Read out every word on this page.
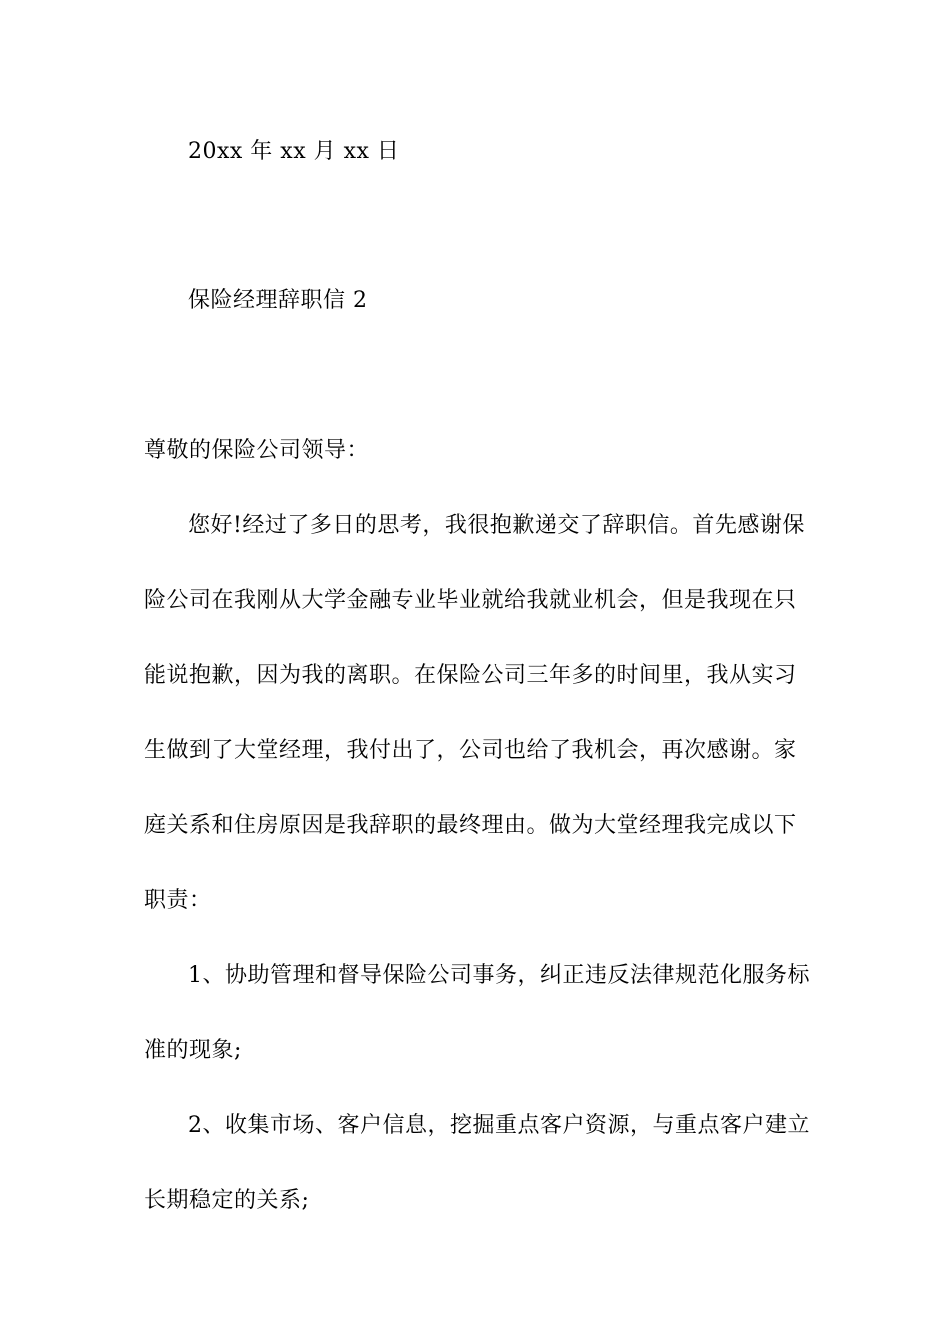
20xx 年 xx 月 xx 日

保险经理辞职信 2

尊敬的保险公司领导：

您好!经过了多日的思考，我很抱歉递交了辞职信。首先感谢保

险公司在我刚从大学金融专业毕业就给我就业机会，但是我现在只

能说抱歉，因为我的离职。在保险公司三年多的时间里，我从实习

生做到了大堂经理，我付出了，公司也给了我机会，再次感谢。家

庭关系和住房原因是我辞职的最终理由。做为大堂经理我完成以下

职责：

1、协助管理和督导保险公司事务，纠正违反法律规范化服务标

准的现象;

2、收集市场、客户信息，挖掘重点客户资源，与重点客户建立

长期稳定的关系;
